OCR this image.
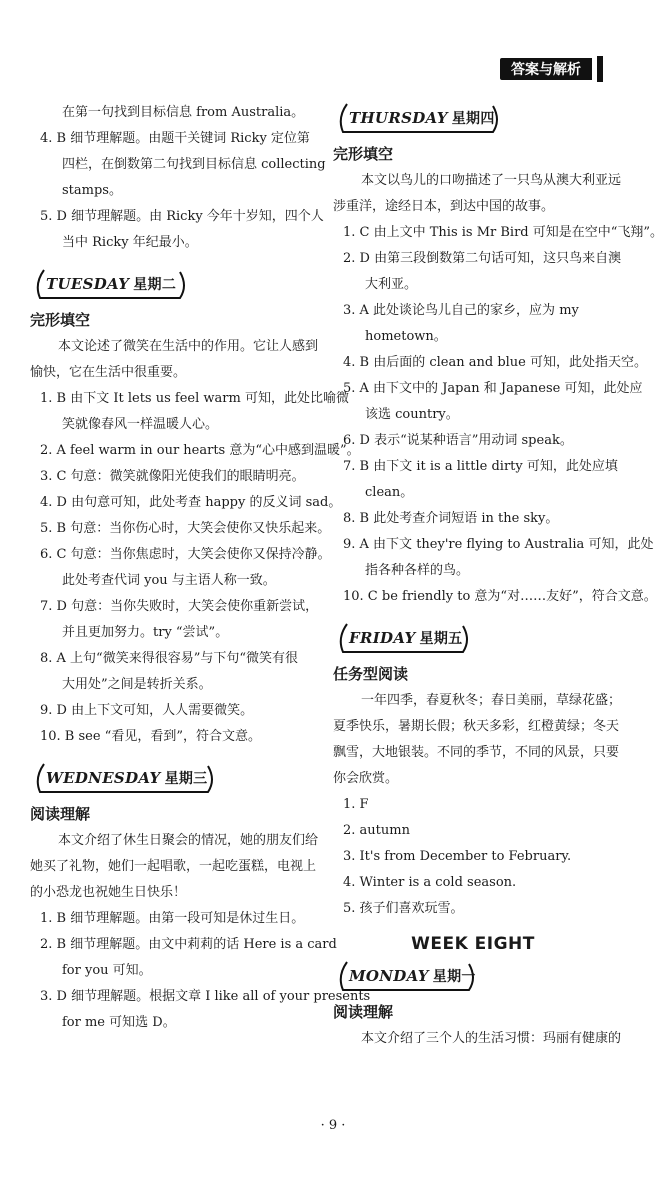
答案与解析
在第一句找到目标信息 from Australia。
4. B 细节理解题。由题干关键词 Ricky 定位第
四栏，在倒数第二句找到目标信息 collecting
stamps。
5. D 细节理解题。由 Ricky 今年十岁知，四个人
当中 Ricky 年纪最小。
TUESDAY 星期二
完形填空
本文论述了微笑在生活中的作用。它让人感到
愉快，它在生活中很重要。
1. B 由下文 It lets us feel warm 可知，此处比喻微
笑就像春风一样温暖人心。
2. A feel warm in our hearts 意为“心中感到温暖”。
3. C 句意：微笑就像阳光使我们的眼睛明亮。
4. D 由句意可知，此处考查 happy 的反义词 sad。
5. B 句意：当你伤心时，大笑会使你又快乐起来。
6. C 句意：当你焦虑时，大笑会使你又保持冷静。
此处考查代词 you 与主语人称一致。
7. D 句意：当你失败时，大笑会使你重新尝试，
并且更加努力。try “尝试”。
8. A 上句“微笑来得很容易”与下句“微笑有很
大用处”之间是转折关系。
9. D 由上下文可知，人人需要微笑。
10. B see “看见，看到”，符合文意。
WEDNESDAY 星期三
阅读理解
本文介绍了休生日聚会的情况，她的朋友们给
她买了礼物，她们一起唱歌，一起吃蛋糕，电视上
的小恐龙也祝她生日快乐！
1. B 细节理解题。由第一段可知是休过生日。
2. B 细节理解题。由文中莉莉的话 Here is a card
for you 可知。
3. D 细节理解题。根据文章 I like all of your presents
for me 可知选 D。
THURSDAY 星期四
完形填空
本文以鸟儿的口吻描述了一只鸟从澳大利亚远
涉重洋，途经日本，到达中国的故事。
1. C 由上文中 This is Mr Bird 可知是在空中“飞翔”。
2. D 由第三段倒数第二句话可知，这只鸟来自澳
大利亚。
3. A 此处谈论鸟儿自己的家乡，应为 my
hometown。
4. B 由后面的 clean and blue 可知，此处指天空。
5. A 由下文中的 Japan 和 Japanese 可知，此处应
该选 country。
6. D 表示“说某种语言”用动词 speak。
7. B 由下文 it is a little dirty 可知，此处应填
clean。
8. B 此处考查介词短语 in the sky。
9. A 由下文 they're flying to Australia 可知，此处
指各种各样的鸟。
10. C be friendly to 意为“对……友好”，符合文意。
FRIDAY 星期五
任务型阅读
一年四季，春夏秋冬；春日美丽，草绿花盛；
夏季快乐，暑期长假；秋天多彩，红橙黄绿；冬天
飘雪，大地银装。不同的季节，不同的风景，只要
你会欣赏。
1. F
2. autumn
3. It's from December to February.
4. Winter is a cold season.
5. 孩子们喜欢玩雪。
WEEK EIGHT
MONDAY 星期一
阅读理解
本文介绍了三个人的生活习惯：玛丽有健康的
· 9 ·
